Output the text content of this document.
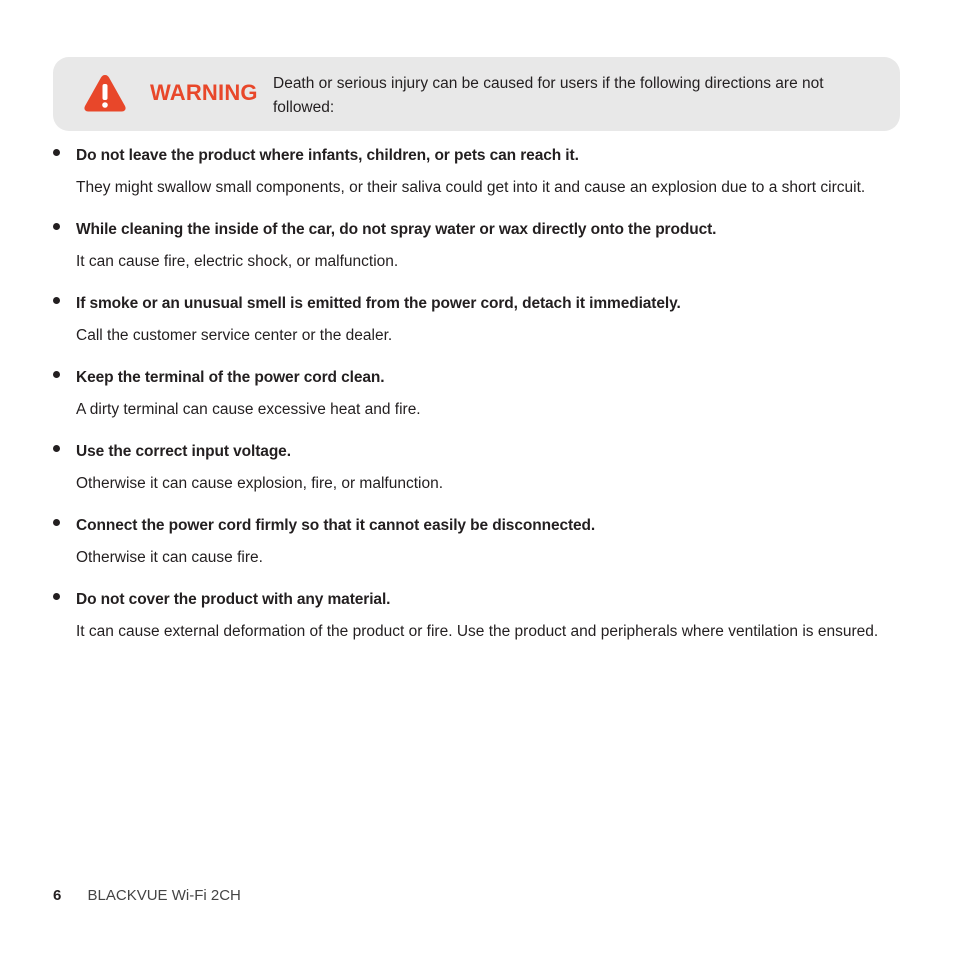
WARNING Death or serious injury can be caused for users if the following directions are not followed:
Do not leave the product where infants, children, or pets can reach it.
They might swallow small components, or their saliva could get into it and cause an explosion due to a short circuit.
While cleaning the inside of the car, do not spray water or wax directly onto the product.
It can cause fire, electric shock, or malfunction.
If smoke or an unusual smell is emitted from the power cord, detach it immediately.
Call the customer service center or the dealer.
Keep the terminal of the power cord clean.
A dirty terminal can cause excessive heat and fire.
Use the correct input voltage.
Otherwise it can cause explosion, fire, or malfunction.
Connect the power cord firmly so that it cannot easily be disconnected.
Otherwise it can cause fire.
Do not cover the product with any material.
It can cause external deformation of the product or fire. Use the product and peripherals where ventilation is ensured.
6 BLACKVUE Wi-Fi 2CH
